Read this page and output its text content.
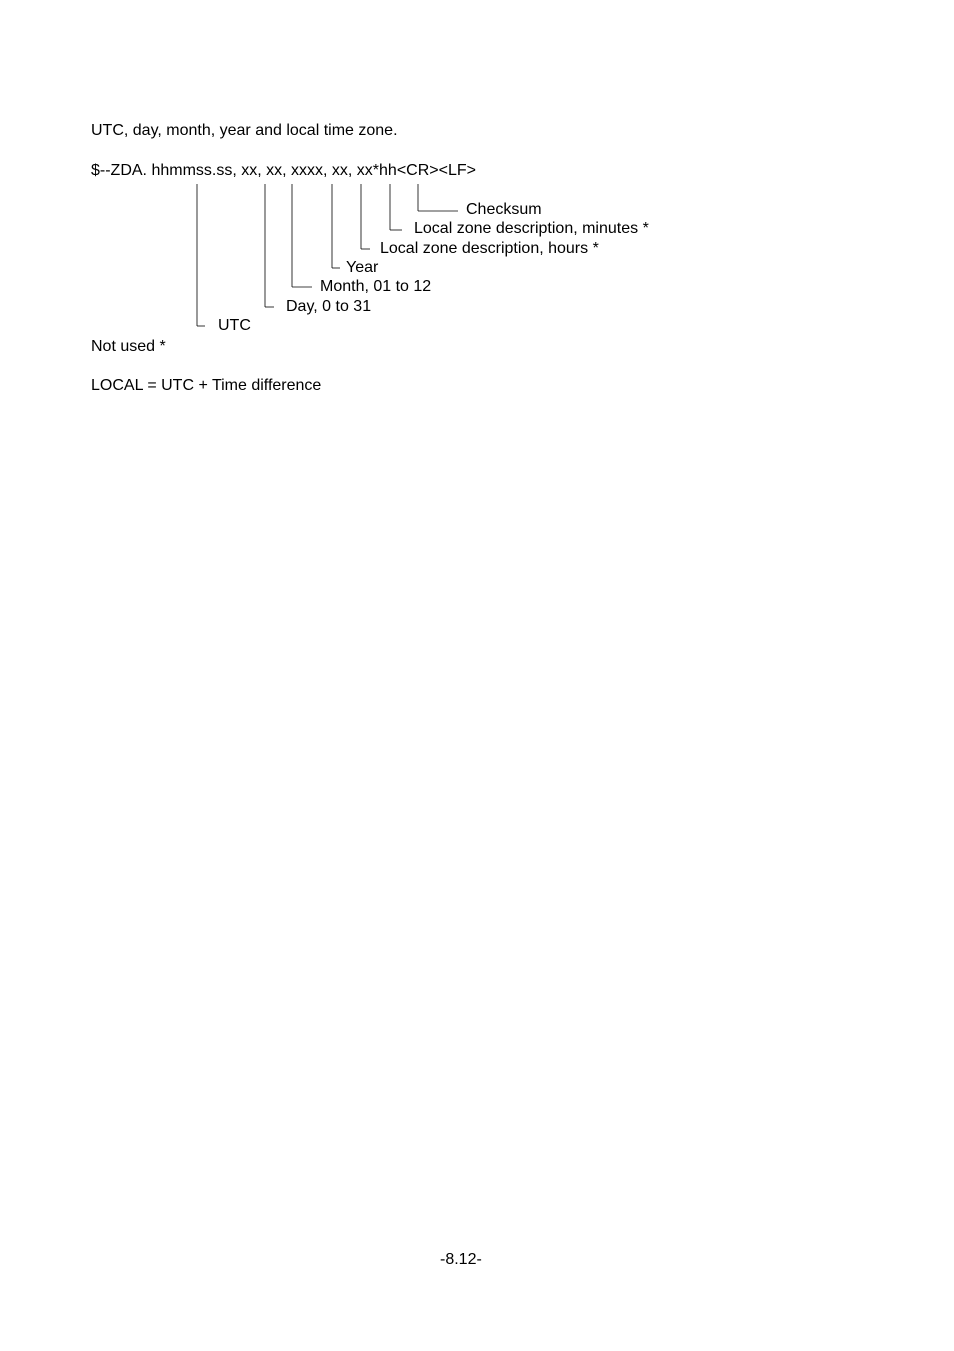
UTC, day, month, year and local time zone.
$--ZDA. hhmmss.ss, xx, xx, xxxx, xx, xx*hh<CR><LF>
Checksum
Local zone description, minutes *
Local zone description, hours *
Year
Month, 01 to 12
Day, 0 to 31
UTC
Not used *
LOCAL = UTC + Time difference
-8.12-
